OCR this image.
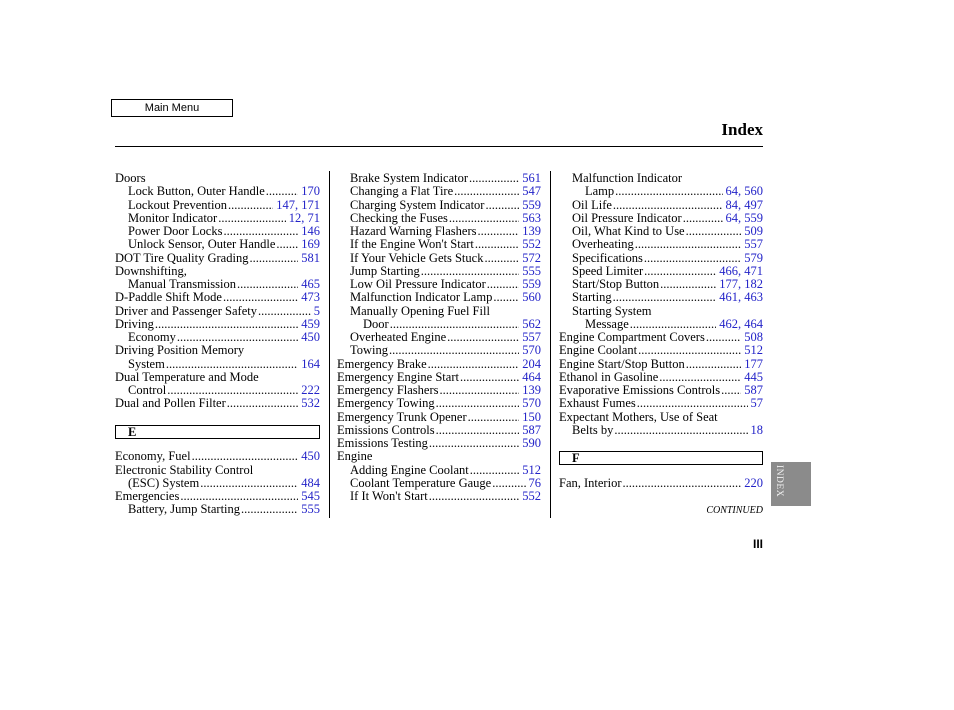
Main Menu
Index
Doors
Lock Button, Outer Handle .....	170
Lockout Prevention .....	147, 171
Monitor Indicator .....	12, 71
Power Door Locks .....	146
Unlock Sensor, Outer Handle ..... 169
DOT Tire Quality Grading .....	581
Downshifting,
Manual Transmission .....	465
D-Paddle Shift Mode .....	473
Driver and Passenger Safety .....	5
Driving .....	459
Economy .....	450
Driving Position Memory
System .....	164
Dual Temperature and Mode
Control .....	222
Dual and Pollen Filter .....	532
E
Economy, Fuel .....	450
Electronic Stability Control
(ESC) System .....	484
Emergencies .....	545
Battery, Jump Starting .....	555
Brake System Indicator .....	561
Changing a Flat Tire .....	547
Charging System Indicator .....	559
Checking the Fuses .....	563
Hazard Warning Flashers .....	139
If the Engine Won't Start .....	552
If Your Vehicle Gets Stuck .....	572
Jump Starting .....	555
Low Oil Pressure Indicator .....	559
Malfunction Indicator Lamp ..... 560
Manually Opening Fuel Fill
Door .....	562
Overheated Engine .....	557
Towing .....	570
Emergency Brake .....	204
Emergency Engine Start .....	464
Emergency Flashers .....	139
Emergency Towing .....	570
Emergency Trunk Opener .....	150
Emissions Controls .....	587
Emissions Testing .....	590
Engine
Adding Engine Coolant .....	512
Coolant Temperature Gauge .....	76
If It Won't Start .....	552
Malfunction Indicator
Lamp .....	64, 560
Oil Life .....	84, 497
Oil Pressure Indicator .....	64, 559
Oil, What Kind to Use .....	509
Overheating .....	557
Specifications .....	579
Speed Limiter .....	466, 471
Start/Stop Button .....	177, 182
Starting .....	461, 463
Starting System
Message .....	462, 464
Engine Compartment Covers .....	508
Engine Coolant .....	512
Engine Start/Stop Button .....	177
Ethanol in Gasoline .....	445
Evaporative Emissions Controls ..... 587
Exhaust Fumes .....	57
Expectant Mothers, Use of Seat
Belts by .....	18
F
Fan, Interior .....	220 INDEX
CONTINUED
III
